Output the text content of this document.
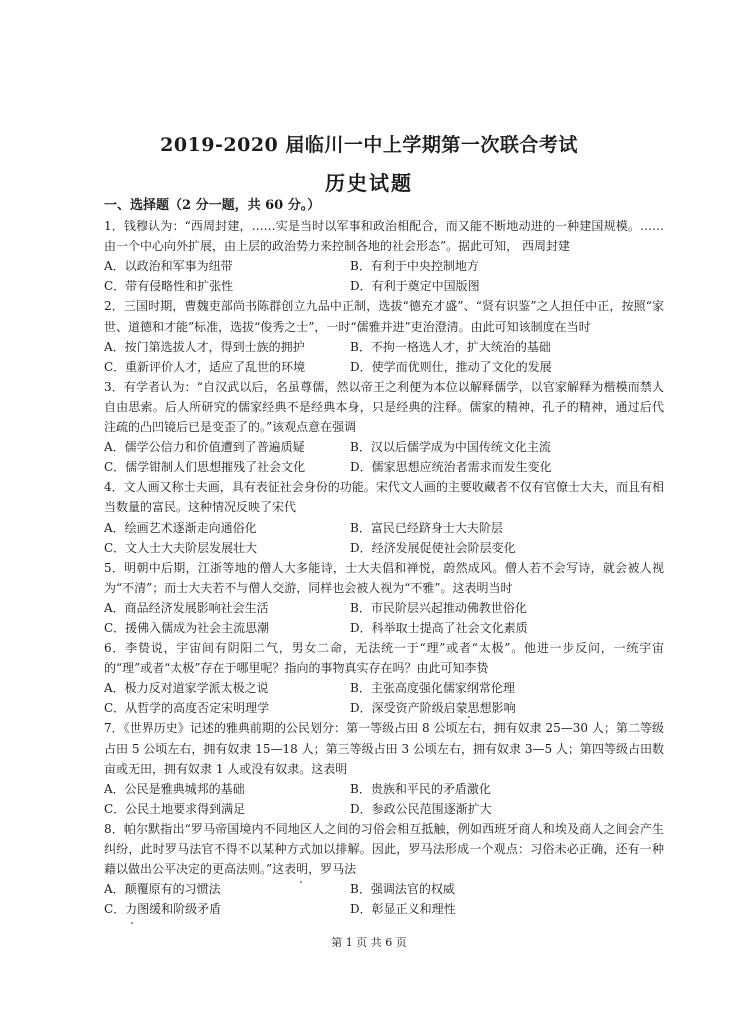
2019-2020 届临川一中上学期第一次联合考试
历史试题
一、选择题（2 分一题，共 60 分。）

1．钱穆认为：“西周封建，……实是当时以军事和政治相配合，而又能不断地动进的一种建国规模。……由一个中心向外扩展，由上层的政治势力来控制各地的社会形态”。据此可知， 西周封建

A．以政治和军事为纽带	B．有利于中央控制地方
C．带有侵略性和扩张性	D．有利于奠定中国版图

2．三国时期，曹魏吏部尚书陈群创立九品中正制，选拔“德充才盛”、“贤有识鉴”之人担任中正，按照“家世、道德和才能”标准，选拔“俊秀之士”，一时“儒雅并进”吏治澄清。由此可知该制度在当时

A．按门第选拔人才，得到士族的拥护	B．不拘一格选人才，扩大统治的基础
C．重新评价人才，适应了乱世的环境	D．使学而优则仕，推动了文化的发展

3．有学者认为：“自汉武以后，名虽尊儒，然以帝王之利便为本位以解释儒学，以官家解释为楷模而禁人自由思索。后人所研究的儒家经典不是经典本身，只是经典的注释。儒家的精神，孔子的精神，通过后代注疏的凸凹镜后已是变歪了的。”该观点意在强调

A．儒学公信力和价值遭到了普遍质疑	B．汉以后儒学成为中国传统文化主流
C．儒学钳制人们思想摧残了社会文化	D．儒家思想应统治者需求而发生变化

4．文人画又称士夫画，具有表征社会身份的功能。宋代文人画的主要收藏者不仅有官僚士大夫，而且有相当数量的富民。这种情况反映了宋代

A．绘画艺术逐渐走向通俗化	B．富民已经跻身士大夫阶层
C．文人士大夫阶层发展壮大	D．经济发展促使社会阶层变化

5．明朝中后期，江浙等地的僧人大多能诗，士大夫倡和禅悦，蔚然成风。僧人若不会写诗，就会被人视为“不清”；而士大夫若不与僧人交游，同样也会被人视为“不雅”。这表明当时

A．商品经济发展影响社会生活	B．市民阶层兴起推动佛教世俗化
C．援佛入儒成为社会主流思潮	D．科举取士提高了社会文化素质

6．李贽说，宇宙间有阴阳二气，男女二命，无法统一于“理”或者“太极”。他进一步反问，一统宇宙的“理”或者“太极”存在于哪里呢？指向的事物真实存在吗？由此可知李贽

A．极力反对道家学派太极之说	B．主张高度强化儒家纲常伦理
C．从哲学的高度否定宋明理学	D．深受资产阶级启蒙思想影响

7．《世界历史》记述的雅典前期的公民划分：第一等级占田 8 公顷左右，拥有奴隶 25—30 人；第二等级占田 5 公顷左右，拥有奴隶 15—18 人；第三等级占田 3 公顷左右，拥有奴隶 3—5 人；第四等级占田数亩或无田，拥有奴隶 1 人或没有奴隶。这表明

A．公民是雅典城邦的基础	B．贵族和平民的矛盾激化
C．公民土地要求得到满足	D．参政公民范围逐渐扩大

8．帕尔默指出“罗马帝国境内不同地区人之间的习俗会相互抵触，例如西班牙商人和埃及商人之间会产生纠纷，此时罗马法官不得不以某种方式加以排解。因此，罗马法形成一个观点：习俗未必正确，还有一种藉以做出公平决定的更高法则。”这表明，罗马法

A．颠覆原有的习惯法	B．强调法官的权威
C．力图缓和阶级矛盾	D．彰显正义和理性
第 1 页 共 6 页
